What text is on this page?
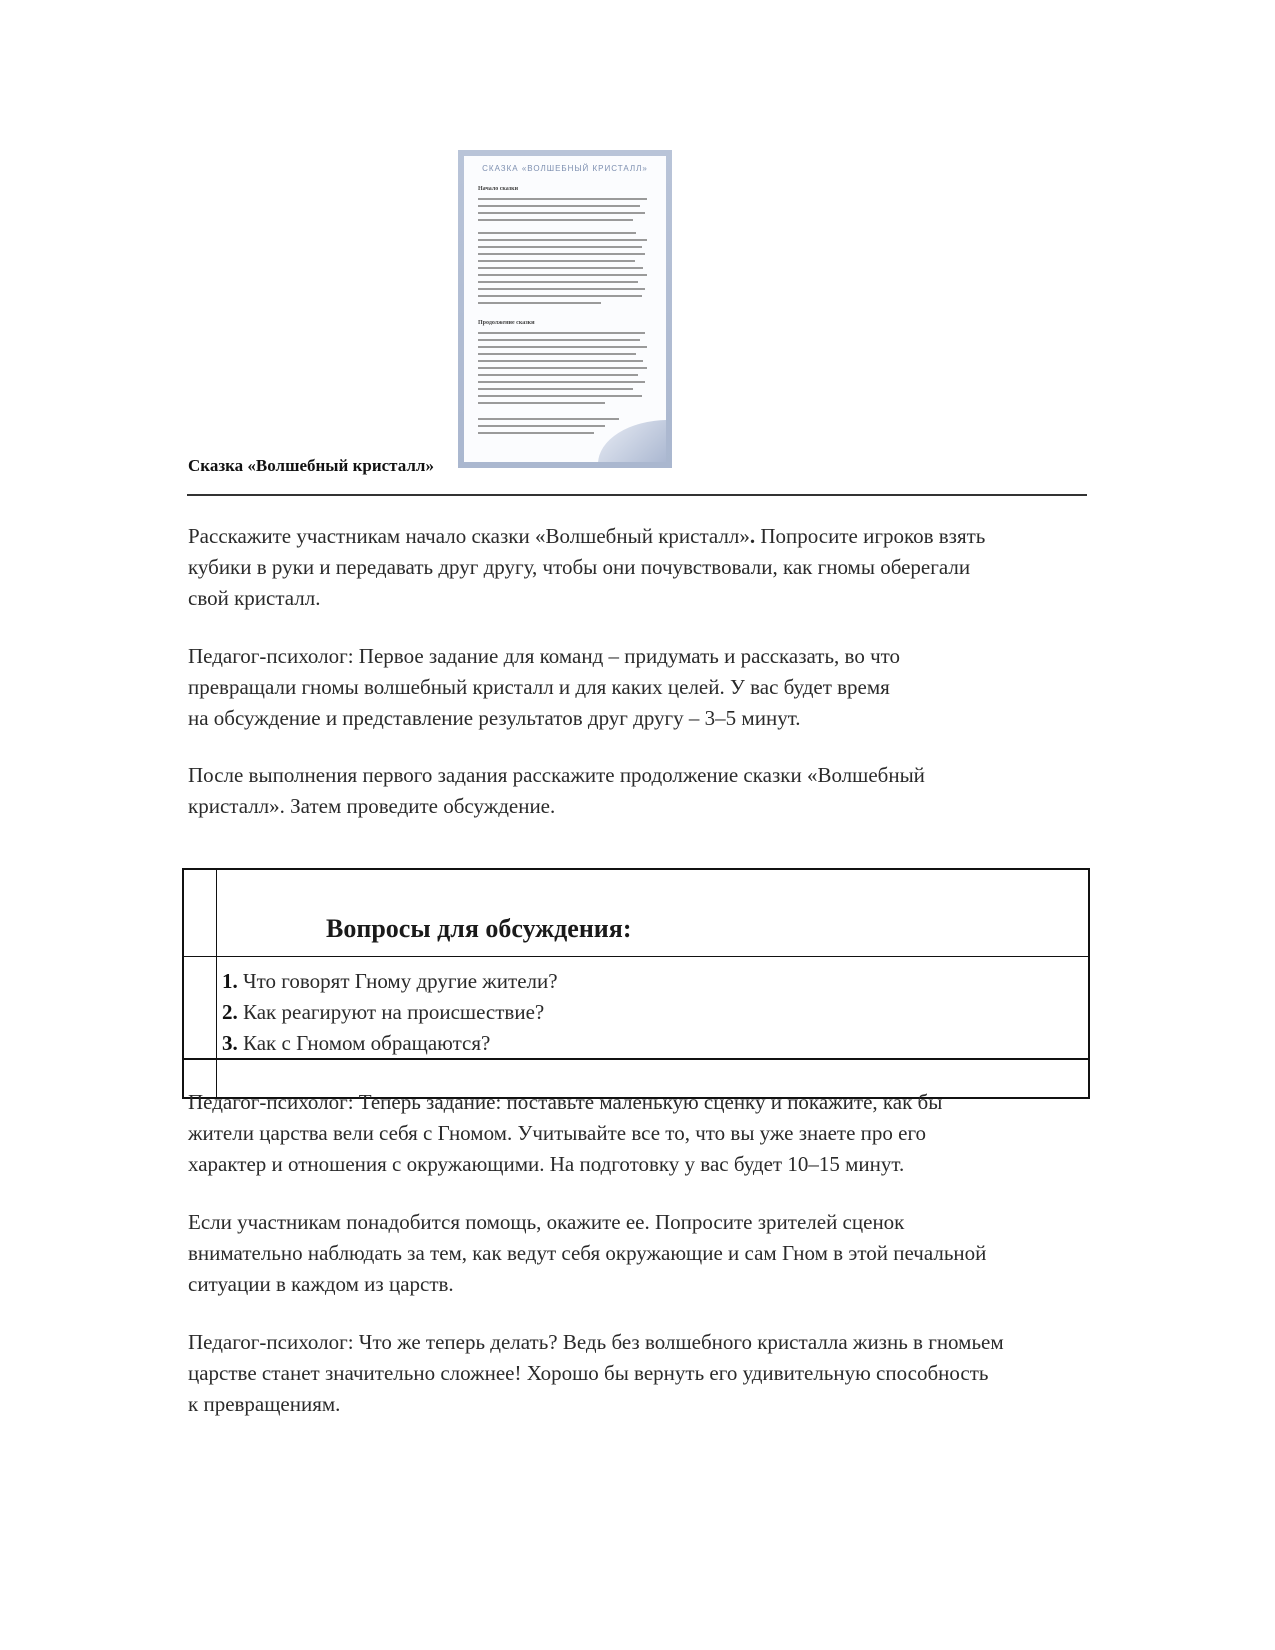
СКАЗКА «ВОЛШЕБНЫЙ КРИСТАЛЛ»
Начало сказки
Продолжение сказки
Сказка «Волшебный кристалл»

Расскажите участникам начало сказки «Волшебный кристалл». Попросите игроков взять

кубики в руки и передавать друг другу, чтобы они почувствовали, как гномы оберегали

свой кристалл.

Педагог-психолог: Первое задание для команд – придумать и рассказать, во что

превращали гномы волшебный кристалл и для каких целей. У вас будет время

на обсуждение и представление результатов друг другу – 3–5 минут.

После выполнения первого задания расскажите продолжение сказки «Волшебный

кристалл». Затем проведите обсуждение.

Вопросы для обсуждения:
1. Что говорят Гному другие жители?
2. Как реагируют на происшествие?
3. Как с Гномом обращаются?

Педагог-психолог: Теперь задание: поставьте маленькую сценку и покажите, как бы

жители царства вели себя с Гномом. Учитывайте все то, что вы уже знаете про его

характер и отношения с окружающими. На подготовку у вас будет 10–15 минут.

Если участникам понадобится помощь, окажите ее. Попросите зрителей сценок

внимательно наблюдать за тем, как ведут себя окружающие и сам Гном в этой печальной

ситуации в каждом из царств.

Педагог-психолог: Что же теперь делать? Ведь без волшебного кристалла жизнь в гномьем

царстве станет значительно сложнее! Хорошо бы вернуть его удивительную способность

к превращениям.
